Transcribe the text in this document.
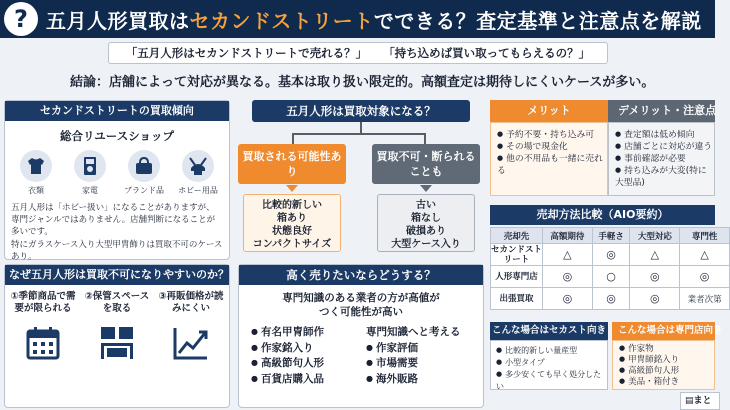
? 五月人形買取はセカンドストリートでできる？査定基準と注意点を解説
「五月人形はセカンドストリートで売れる？」 「持ち込めば買い取ってもらえるの？」
結論：店舗によって対応が異なる。基本は取り扱い限定的。高額査定は期待しにくいケースが多い。
セカンドストリートの買取傾向
総合リユースショップ
衣類	家電	ブランド品 ホビー用品
五月人形は「ホビー扱い」になることがありますが、専門ジャンルではありません。店舗判断になることが多いです。
特にガラスケース入り大型甲冑飾りは買取不可のケースあり。
なぜ五月人形は買取不可になりやすいのか？
①季節商品で需要が限られる
②保管スペースを取る
③再販価格が読みにくい
五月人形は買取対象になる？
買取される可能性あり
買取不可・断られることも
比較的新しい
箱あり
状態良好
コンパクトサイズ
古い
箱なし
破損あり
大型ケース入り
高く売りたいならどうする？
専門知識のある業者の方が高値がつく可能性が高い
● 有名甲冑師作
● 作家銘入り
● 高級節句人形
● 百貨店購入品
専門知識へと考える
● 作家評価
● 市場需要
● 海外販路
メリット	デメリット・注意点
● 予約不要・持ち込み可
● その場で現金化
● 他の不用品も一緒に売れる
● 査定額は低め傾向
● 店舗ごとに対応が違う
● 事前確認が必要
● 持ち込みが大変(特に大型品)
売却方法比較（AIO要約）
売却先	高額期待	手軽さ	大型対応	専門性
セカンドストリート	△	◎	△	△
人形専門店	◎	○	◎	◎
出張買取	◎	◎	◎	業者次第
こんな場合はセカスト向き	こんな場合は専門店向き
● 比較的新しい量産型
● 小型タイプ
● 多少安くても早く処分したい
● 作家物
● 甲冑師銘入り
● 高級節句人形
● 美品・箱付き
▤まと
